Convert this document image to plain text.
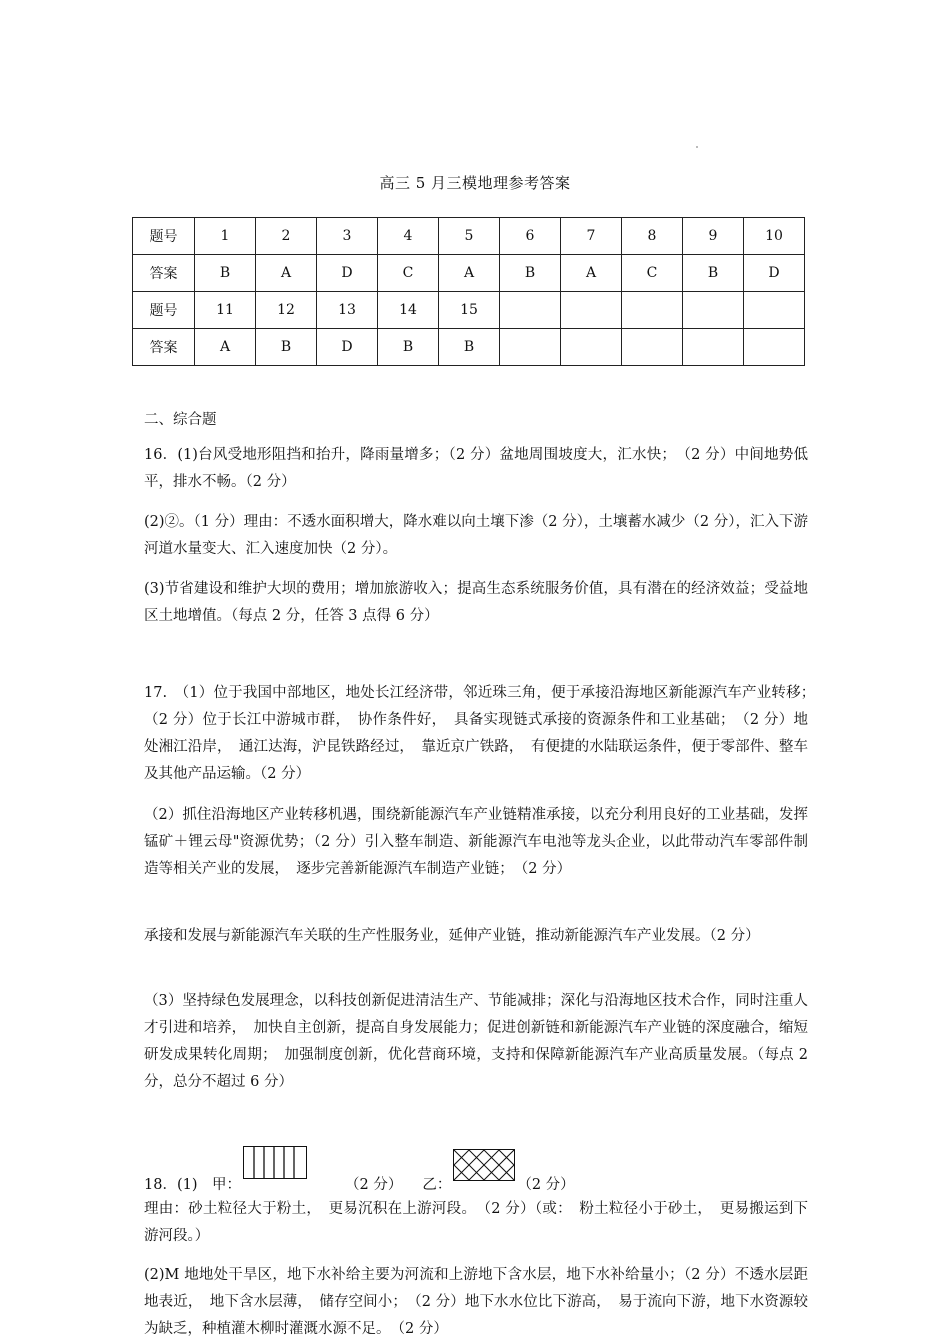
高三 5 月三模地理参考答案
题号	1	2	3	4	5	6	7	8	9	10
答案	B	A	D	C	A	B	A	C	B	D
题号	11	12	13	14	15					
答案	A	B	D	B	B					
二、综合题
16．(1)台风受地形阻挡和抬升，降雨量增多；（2 分）盆地周围坡度大，汇水快；　（2 分）中间地势低平，排水不畅。（2 分）
(2)②。（1 分）理由：不透水面积增大，降水难以向土壤下渗（2 分），土壤蓄水减少（2 分），汇入下游河道水量变大、汇入速度加快（2 分）。
(3)节省建设和维护大坝的费用；增加旅游收入；提高生态系统服务价值，具有潜在的经济效益；受益地区土地增值。（每点 2 分，任答 3 点得 6 分）
17.　（1）位于我国中部地区，地处长江经济带，邻近珠三角，便于承接沿海地区新能源汽车产业转移；　（2 分）位于长江中游城市群，　协作条件好，　具备实现链式承接的资源条件和工业基础；　（2 分）地处湘江沿岸，　通江达海，沪昆铁路经过，　靠近京广铁路，　有便捷的水陆联运条件，便于零部件、整车及其他产品运输。（2 分）
（2）抓住沿海地区产业转移机遇，围绕新能源汽车产业链精准承接，以充分利用良好的工业基础，发挥锰矿＋锂云母"资源优势；（2 分）引入整车制造、新能源汽车电池等龙头企业，以此带动汽车零部件制造等相关产业的发展，　逐步完善新能源汽车制造产业链；　（2 分）
承接和发展与新能源汽车关联的生产性服务业，延伸产业链，推动新能源汽车产业发展。（2 分）
（3）坚持绿色发展理念，以科技创新促进清洁生产、节能减排；深化与沿海地区技术合作，同时注重人才引进和培养，　加快自主创新，提高自身发展能力；促进创新链和新能源汽车产业链的深度融合，缩短研发成果转化周期；　加强制度创新，优化营商环境，支持和保障新能源汽车产业高质量发展。（每点 2 分，总分不超过 6 分）
18．(1)　甲：	（2 分） 乙：	（2 分）
理由：砂土粒径大于粉土，　更易沉积在上游河段。　（2 分）（或：　粉土粒径小于砂土，　更易搬运到下游河段。）
(2)M 地地处干旱区，地下水补给主要为河流和上游地下含水层，地下水补给量小；（2 分）不透水层距地表近，　地下含水层薄，　储存空间小；　（2 分）地下水水位比下游高，　易于流向下游，地下水资源较为缺乏，种植灌木柳时灌溉水源不足。　（2 分）
